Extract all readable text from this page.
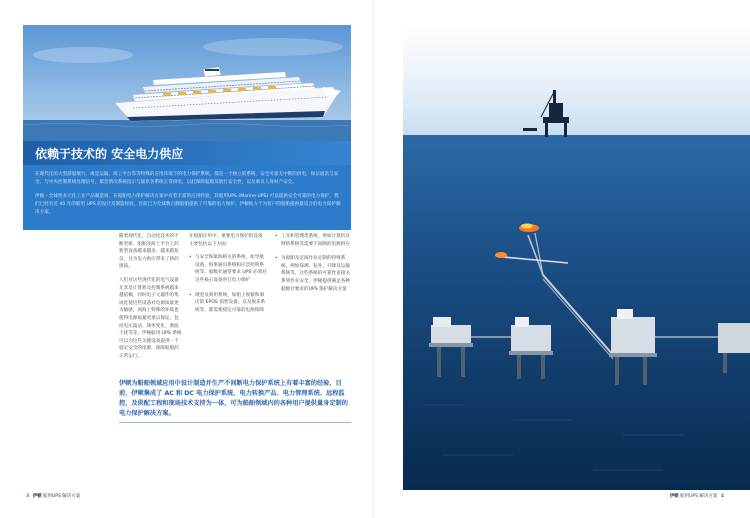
依赖于技术的 安全电力供应
在现代化的大型游船航行、或是运输、海上平台等等特殊的应用环境下的电力保护系统，都是一个独立的系统，安全可靠无中断的供电，保证通讯与安全、与中央控制系统处理信号、紧急情况系统指示与通讯各系统正常供电，以此保障船舶及航行安全性，以及乘员人身财产安全。
伊顿 - 全球性多元化工业产品制造商，在船舶电力保护解决方案中有着丰富的应用经验，其船用UPS (Marine UPS) 可以提供安全可靠的电力保护，我们已经有近 40 年的船用 UPS 的设计及制造经验，目前已为全球数百艘船舶提供了可靠的电力保护。伊顿致力于为客户的船舶提供最适合的电力保护解决方案。

随着现代化、自动化技术的不断更新，船舶及海上平台上的新型设备越来越多，越来越复杂，这为电力供应带来了新的挑战。

人们对这些现代化的电气设备尤其是计算机及控制系统越来越依赖，同时电子元器件的集成化使这些设备对电源质量更为敏感，而海上特殊的环境也使得电源质量更难以保证，包括电压波动、频率变化、谐波干扰等等。伊顿船用 UPS 系统可以为这些关键设备提供一个稳定安全的电源，保障船舶的正常运行。

在船舶应用中，重要电力保护的设备主要包括以下方面：

• 与安全和航海相关的系统，如导航设备、海事通讯系统和应急照明系统等。船级社通常要求 UPS 必须对这些核心设备进行电力保护
• 现金及商用系统，如船上收银和酒店的 EPOS 销售设备，以及娱乐系统等，都需要稳定可靠的电源保障
• 工业和管理类系统，例如计算机及网络系统等需要不间断的电源供应
• 为船舶及近海作业定制的特殊系统，例如探测、钻井、升降及运输系统等，这些系统的可靠性直接关系到作业安全，伊顿提供满足各种船级社要求的UPS 保护解决方案
伊顿为船舶领域应用中设计制造并生产不间断电力保护系统上有着丰富的经验，目前，伊顿集成了 AC 和 DC 电力保护系统、电力转换产品、电力管理系统、远程监控，及供配工程和现场技术支持为一体，可为船舶领域内的各种用户提供量身定制的电力保护解决方案。
3 伊顿 船用UPS 解决方案	伊顿 船用UPS 解决方案 4
